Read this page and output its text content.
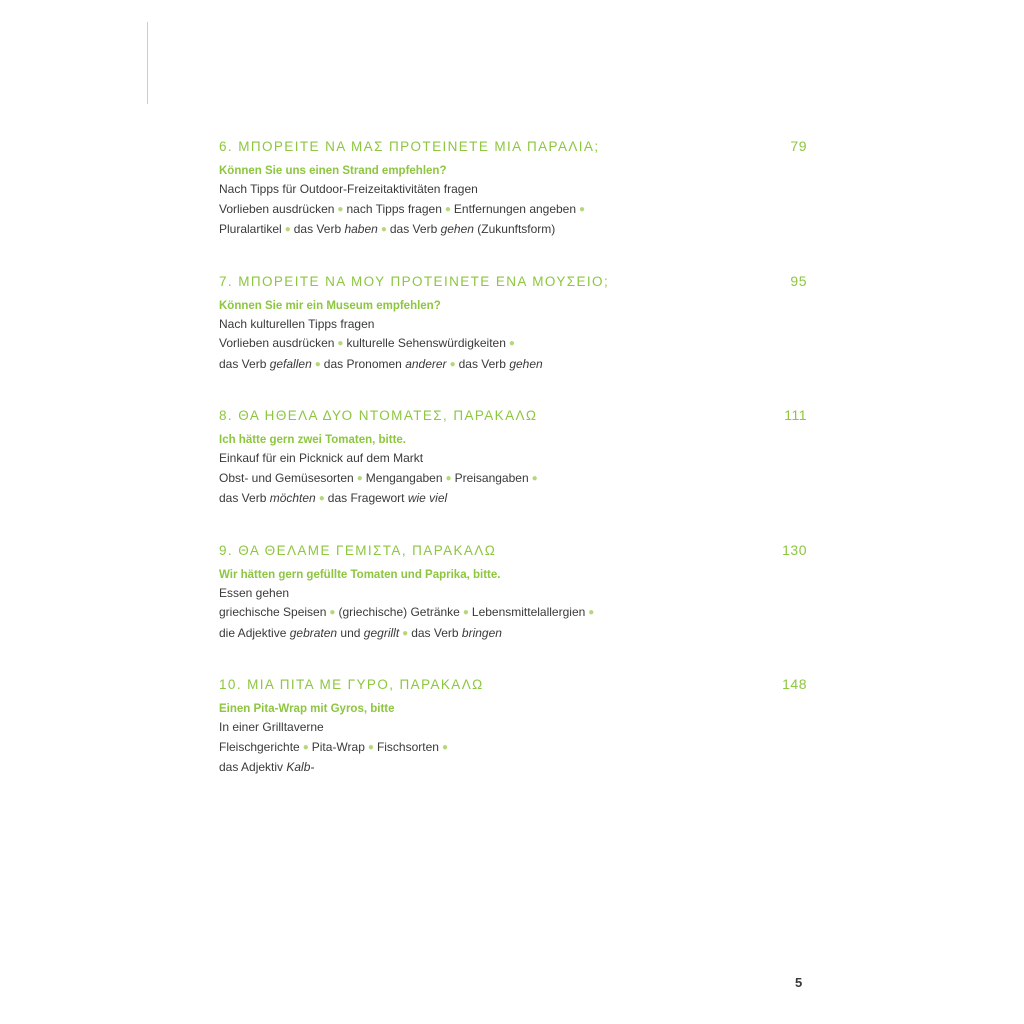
6. ΜΠΟΡΕΙΤΕ ΝΑ ΜΑΣ ΠΡΟΤΕΙΝΕΤΕ ΜΙΑ ΠΑΡΑΛΙΑ;	79
Können Sie uns einen Strand empfehlen?
Nach Tipps für Outdoor-Freizeitaktivitäten fragen
Vorlieben ausdrücken ● nach Tipps fragen ● Entfernungen angeben ●
Pluralartikel ● das Verb haben ● das Verb gehen (Zukunftsform)
7. ΜΠΟΡΕΙΤΕ ΝΑ ΜΟΥ ΠΡΟΤΕΙΝΕΤΕ ΕΝΑ ΜΟΥΣΕΙΟ;	95
Können Sie mir ein Museum empfehlen?
Nach kulturellen Tipps fragen
Vorlieben ausdrücken ● kulturelle Sehenswürdigkeiten ●
das Verb gefallen ● das Pronomen anderer ● das Verb gehen
8. ΘΑ ΗΘΕΛΑ ΔΥΟ ΝΤΟΜΑΤΕΣ, ΠΑΡΑΚΑΛΩ	111
Ich hätte gern zwei Tomaten, bitte.
Einkauf für ein Picknick auf dem Markt
Obst- und Gemüsesorten ● Mengangaben ● Preisangaben ●
das Verb möchten ● das Fragewort wie viel
9. ΘΑ ΘΕΛΑΜΕ ΓΕΜΙΣΤΑ, ΠΑΡΑΚΑΛΩ	130
Wir hätten gern gefüllte Tomaten und Paprika, bitte.
Essen gehen
griechische Speisen ● (griechische) Getränke ● Lebensmittelallergien ●
die Adjektive gebraten und gegrillt ● das Verb bringen
10. ΜΙΑ ΠΙΤΑ ΜΕ ΓΥΡΟ, ΠΑΡΑΚΑΛΩ	148
Einen Pita-Wrap mit Gyros, bitte
In einer Grilltaverne
Fleischgerichte ● Pita-Wrap ● Fischsorten ●
das Adjektiv Kalb-
5
